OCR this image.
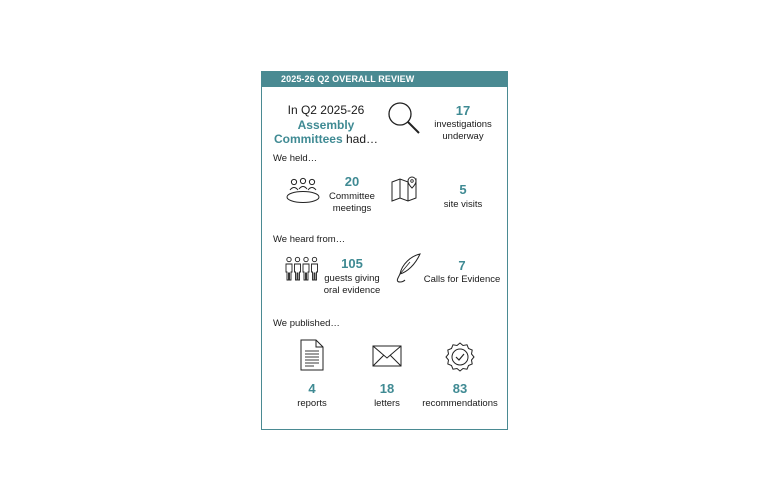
2025-26 Q2 OVERALL REVIEW
In Q2 2025-26
Assembly
Committees had…
17
investigations
underway
We held…
20
Committee
meetings
5
site visits
We heard from…
105
guests giving
oral evidence
7
Calls for Evidence
We published…
4
reports
18
letters
83
recommendations
